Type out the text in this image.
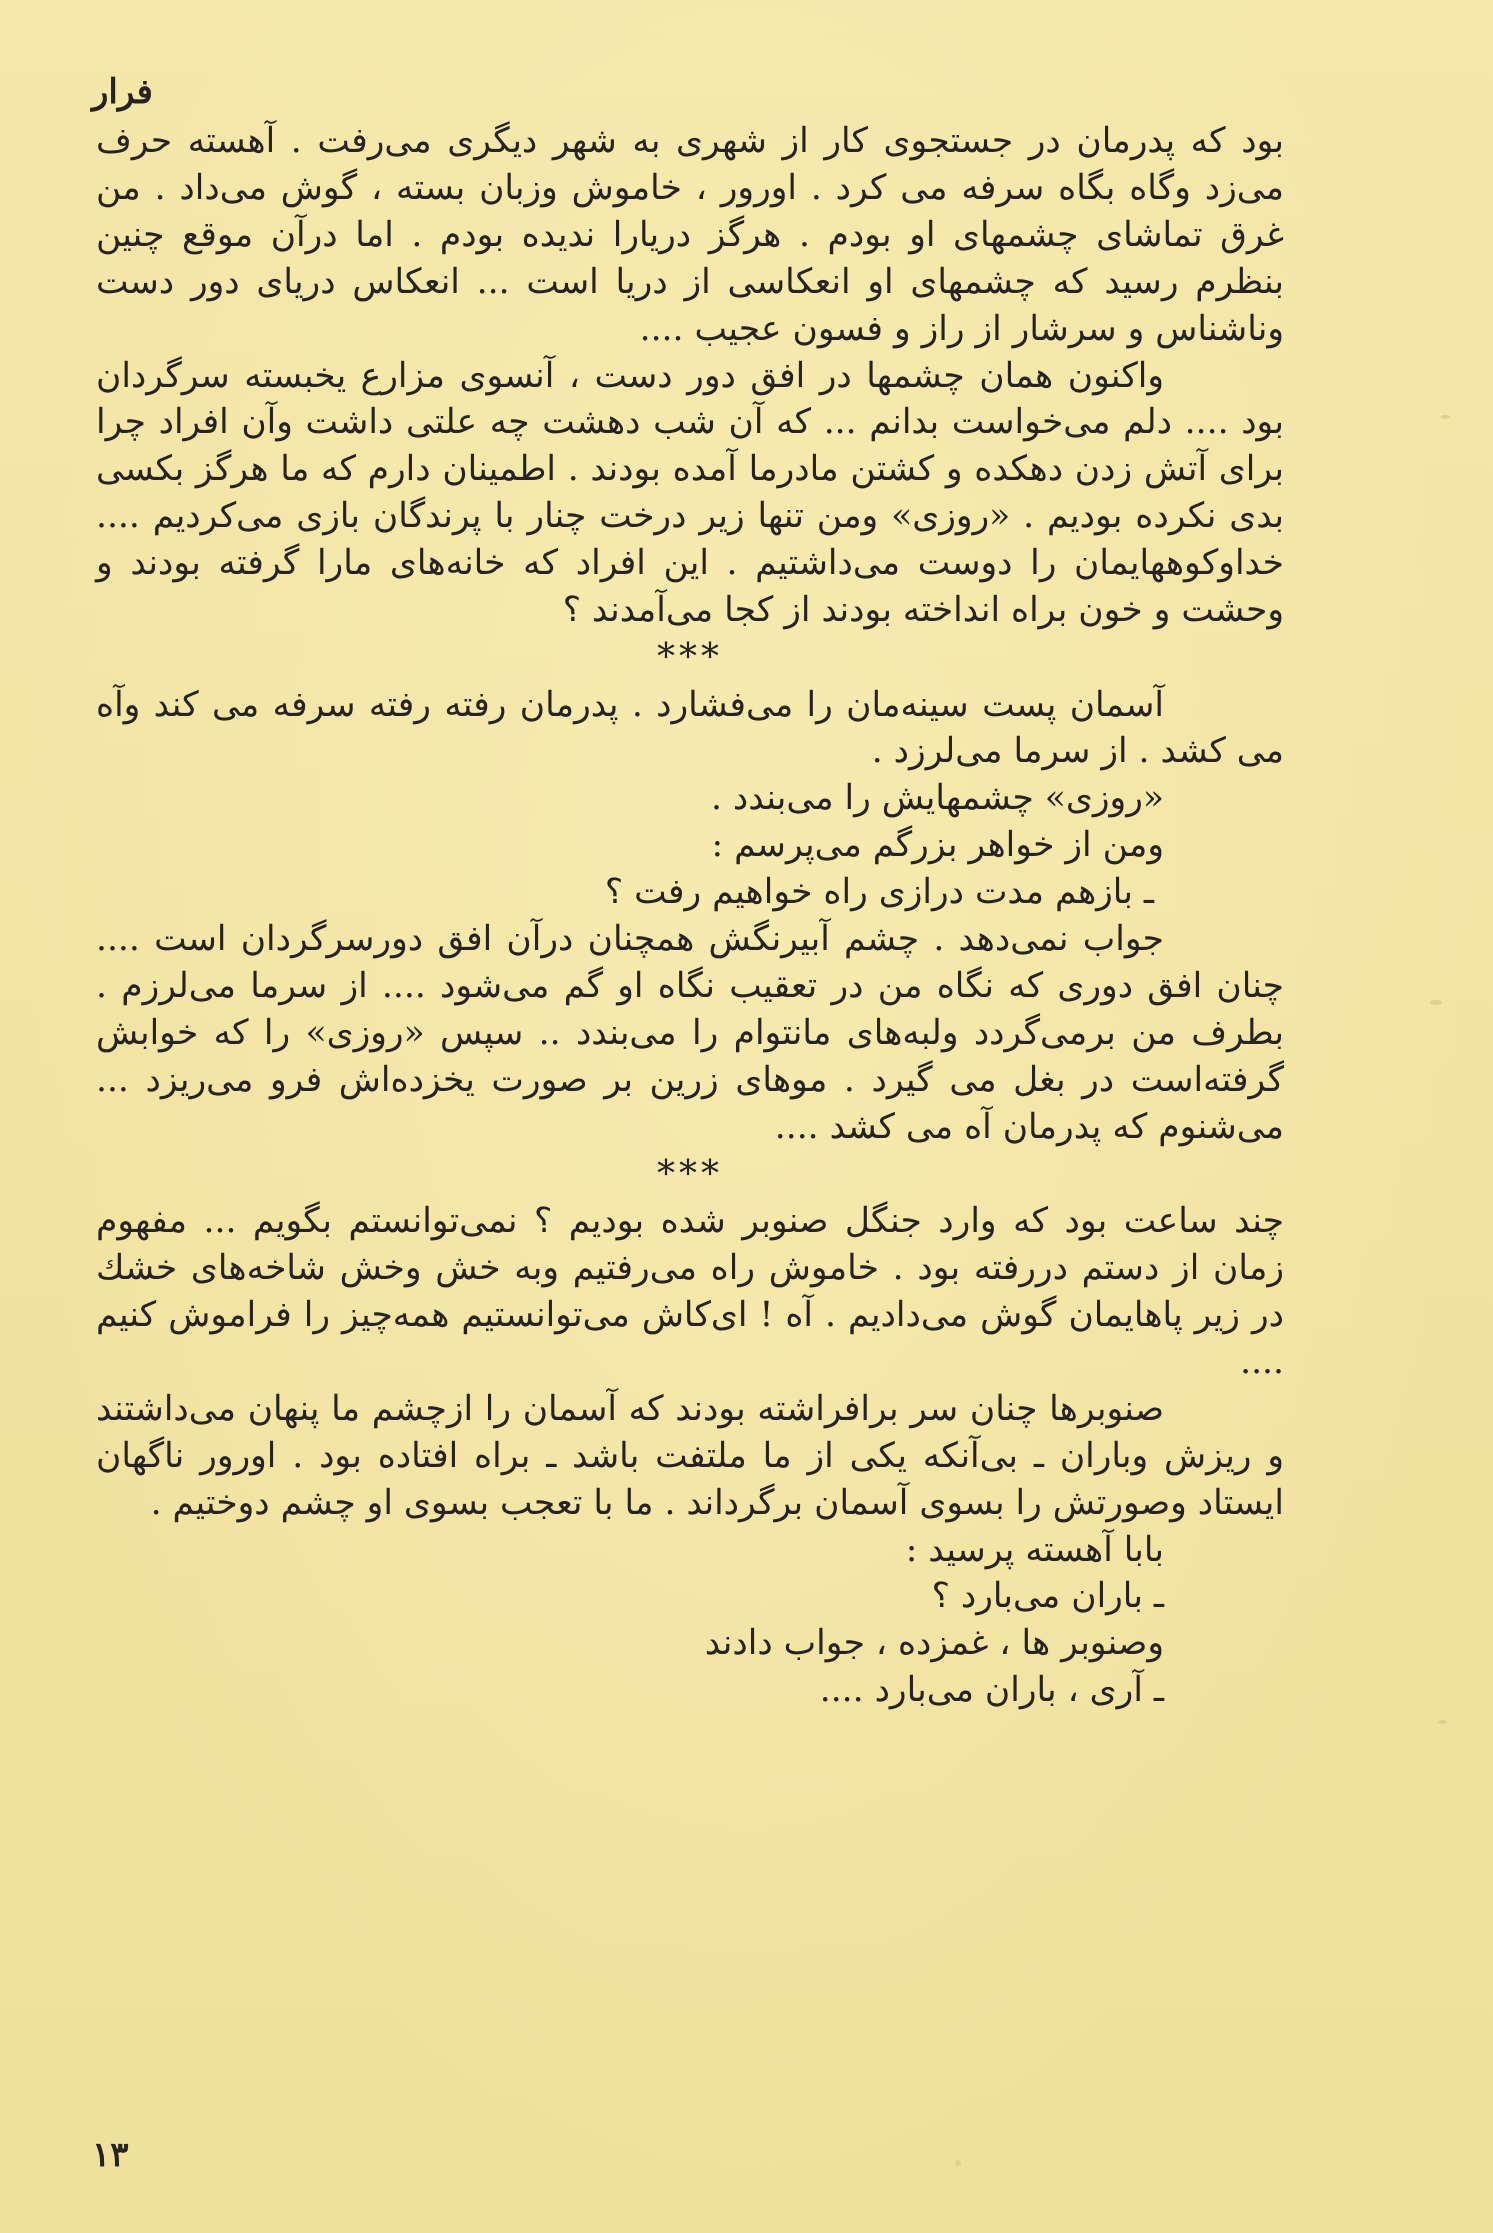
فرار

بود که پدرمان در جستجوی کار از شهری به شهر دیگری می‌رفت . آهسته حرف می‌زد وگاه بگاه سرفه می کرد . اورور ، خاموش وزبان بسته ، گوش می‌داد . من غرق تماشای چشمهای او بودم . هرگز دریارا ندیده بودم . اما درآن موقع چنین بنظرم رسید که چشمهای او انعکاسی از دریا است ... انعکاس دریای دور دست وناشناس و سرشار از راز و فسون عجیب ....

واکنون همان چشمها در افق دور دست ، آنسوی مزارع یخبسته سرگردان بود .... دلم می‌خواست بدانم ... که آن شب دهشت چه علتی داشت وآن افراد چرا برای آتش زدن دهکده و کشتن مادرما آمده بودند . اطمینان دارم که ما هرگز بکسی بدی نکرده بودیم . «روزی» ومن تنها زیر درخت چنار با پرندگان بازی می‌کردیم .... خداوکوههایمان را دوست می‌داشتیم . این افراد که خانه‌های مارا گرفته بودند و وحشت و خون براه انداخته بودند از کجا می‌آمدند ؟

***

آسمان پست سینه‌مان را می‌فشارد . پدرمان رفته رفته سرفه می کند وآه می کشد . از سرما می‌لرزد .

«روزی» چشمهایش را می‌بندد .

ومن از خواهر بزرگم می‌پرسم :

ـ بازهم مدت درازی راه خواهیم رفت ؟

جواب نمی‌دهد . چشم آبیرنگش همچنان درآن افق دورسرگردان است .... چنان افق دوری که نگاه من در تعقیب نگاه او گم می‌شود .... از سرما می‌لرزم . بطرف من برمی‌گردد ولبه‌های مانتوام را می‌بندد .. سپس «روزی» را که خوابش گرفته‌است در بغل می گیرد . موهای زرین بر صورت یخزده‌اش فرو می‌ریزد ... می‌شنوم که پدرمان آه می کشد ....

***

چند ساعت بود که وارد جنگل صنوبر شده بودیم ؟ نمی‌توانستم بگویم ... مفهوم زمان از دستم دررفته بود . خاموش راه می‌رفتیم وبه خش وخش شاخه‌های خشك در زیر پاهایمان گوش می‌دادیم . آه ! ای‌کاش می‌توانستیم همه‌چیز را فراموش کنیم ....

صنوبرها چنان سر برافراشته بودند که آسمان را ازچشم ما پنهان می‌داشتند و ریزش وباران ـ بی‌آنکه یکی از ما ملتفت باشد ـ براه افتاده بود . اورور ناگهان ایستاد وصورتش را بسوی آسمان برگرداند . ما با تعجب بسوی او چشم دوختیم .

بابا آهسته پرسید :

ـ باران می‌بارد ؟

وصنوبر ها ، غمزده ، جواب دادند

ـ آری ، باران می‌بارد ....

۱۳
